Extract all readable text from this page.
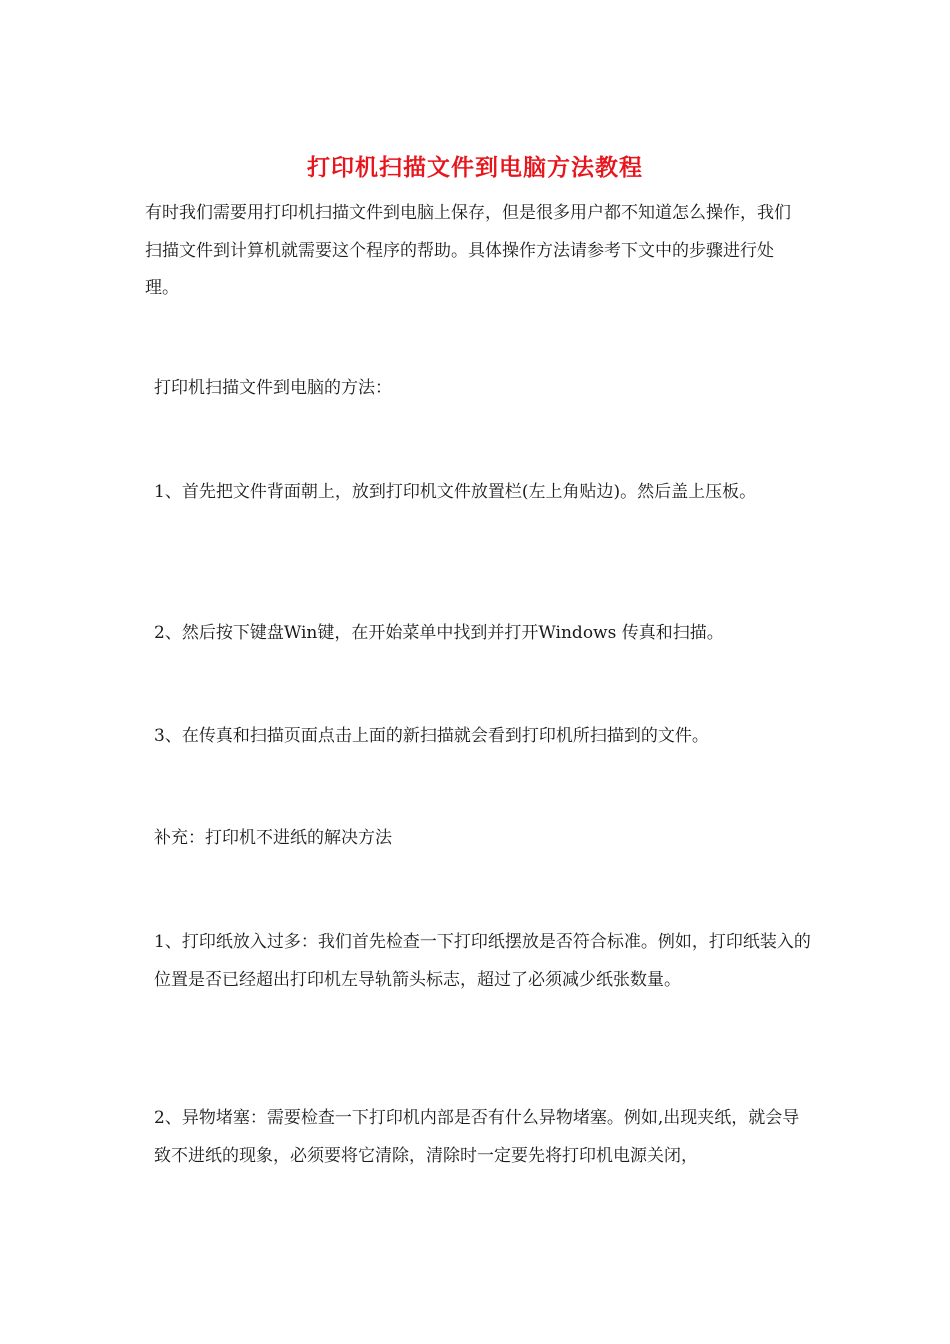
打印机扫描文件到电脑方法教程

有时我们需要用打印机扫描文件到电脑上保存，但是很多用户都不知道怎么操作，我们扫描文件到计算机就需要这个程序的帮助。具体操作方法请参考下文中的步骤进行处理。

打印机扫描文件到电脑的方法：

1、首先把文件背面朝上，放到打印机文件放置栏(左上角贴边)。然后盖上压板。

2、然后按下键盘Win键，在开始菜单中找到并打开Windows 传真和扫描。

3、在传真和扫描页面点击上面的新扫描就会看到打印机所扫描到的文件。

补充：打印机不进纸的解决方法

1、打印纸放入过多：我们首先检查一下打印纸摆放是否符合标准。例如，打印纸装入的位置是否已经超出打印机左导轨箭头标志，超过了必须减少纸张数量。

2、异物堵塞：需要检查一下打印机内部是否有什么异物堵塞。例如,出现夹纸，就会导致不进纸的现象，必须要将它清除，清除时一定要先将打印机电源关闭，
